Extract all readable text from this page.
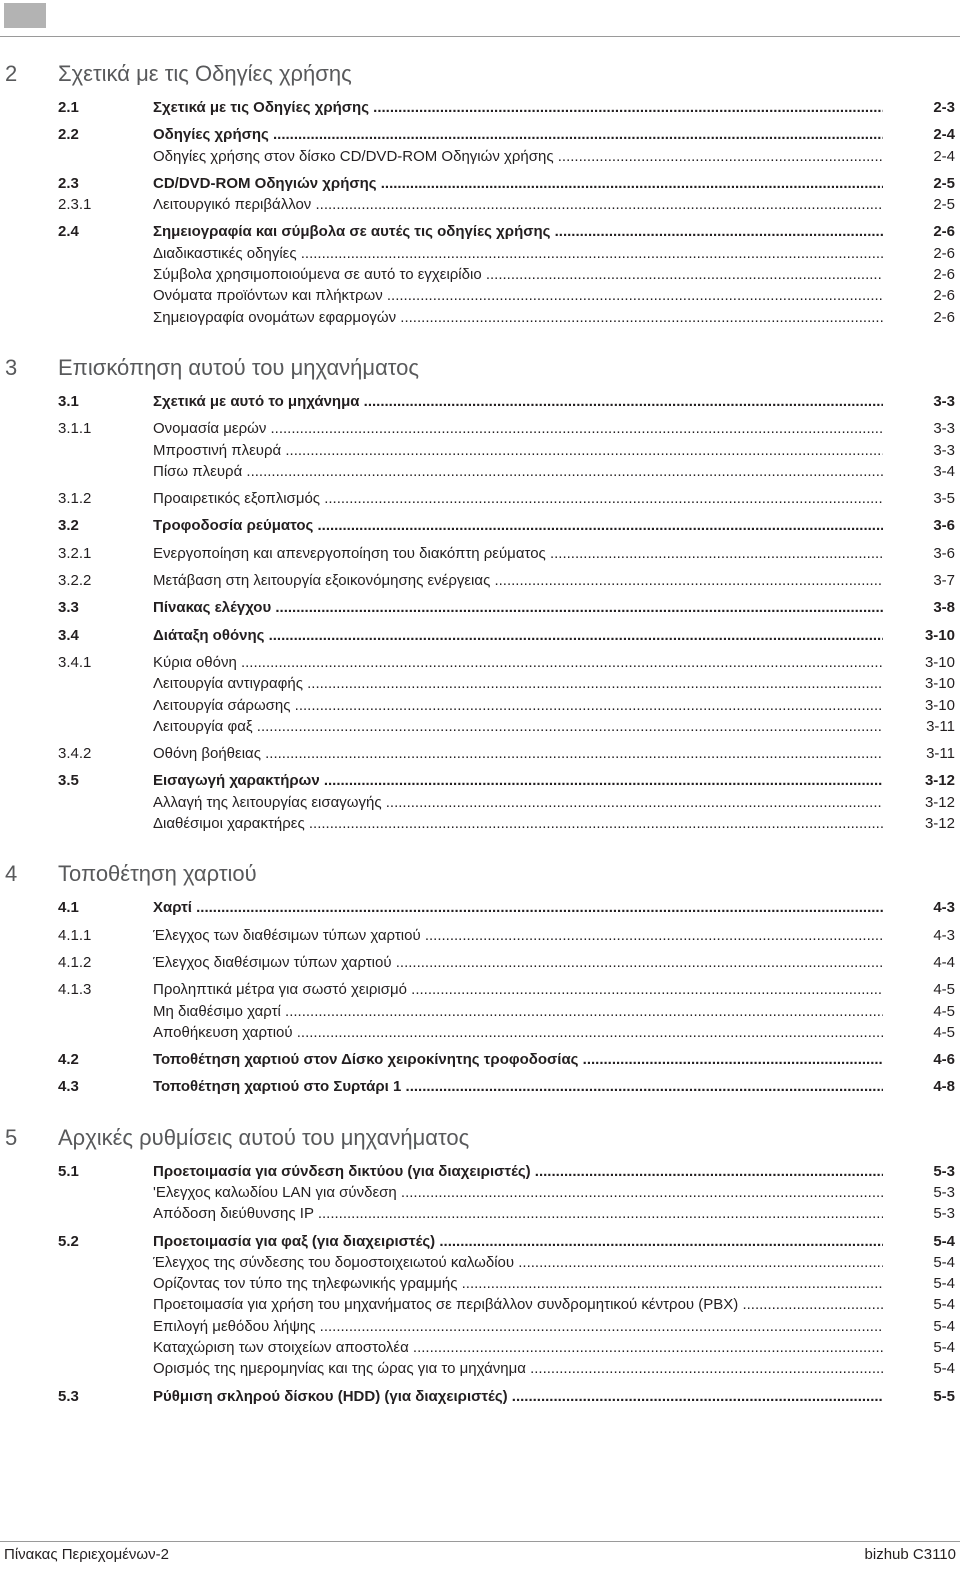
2 Σχετικά με τις Οδηγίες χρήσης
2.1	Σχετικά με τις Οδηγίες χρήσης .....	2-3
2.2	Οδηγίες χρήσης .....	2-4
Οδηγίες χρήσης στον δίσκο CD/DVD-ROM Οδηγιών χρήσης .....	2-4
2.3	CD/DVD-ROM Οδηγιών χρήσης .....	2-5
2.3.1	Λειτουργικό περιβάλλον .....	2-5
2.4	Σημειογραφία και σύμβολα σε αυτές τις οδηγίες χρήσης .....	2-6
Διαδικαστικές οδηγίες .....	2-6
Σύμβολα χρησιμοποιούμενα σε αυτό το εγχειρίδιο .....	2-6
Ονόματα προϊόντων και πλήκτρων .....	2-6
Σημειογραφία ονομάτων εφαρμογών .....	2-6
3 Επισκόπηση αυτού του μηχανήματος
3.1	Σχετικά με αυτό το μηχάνημα .....	3-3
3.1.1	Ονομασία μερών .....	3-3
Μπροστινή πλευρά .....	3-3
Πίσω πλευρά .....	3-4
3.1.2	Προαιρετικός εξοπλισμός .....	3-5
3.2	Τροφοδοσία ρεύματος .....	3-6
3.2.1	Ενεργοποίηση και απενεργοποίηση του διακόπτη ρεύματος .....	3-6
3.2.2	Μετάβαση στη λειτουργία εξοικονόμησης ενέργειας .....	3-7
3.3	Πίνακας ελέγχου .....	3-8
3.4	Διάταξη οθόνης .....	3-10
3.4.1	Κύρια οθόνη .....	3-10
Λειτουργία αντιγραφής .....	3-10
Λειτουργία σάρωσης .....	3-10
Λειτουργία φαξ .....	3-11
3.4.2	Οθόνη βοήθειας .....	3-11
3.5	Εισαγωγή χαρακτήρων .....	3-12
Αλλαγή της λειτουργίας εισαγωγής .....	3-12
Διαθέσιμοι χαρακτήρες .....	3-12
4 Τοποθέτηση χαρτιού
4.1	Χαρτί .....	4-3
4.1.1	Έλεγχος των διαθέσιμων τύπων χαρτιού .....	4-3
4.1.2	Έλεγχος διαθέσιμων τύπων χαρτιού .....	4-4
4.1.3	Προληπτικά μέτρα για σωστό χειρισμό .....	4-5
Μη διαθέσιμο χαρτί .....	4-5
Αποθήκευση χαρτιού .....	4-5
4.2	Τοποθέτηση χαρτιού στον Δίσκο χειροκίνητης τροφοδοσίας .....	4-6
4.3	Τοποθέτηση χαρτιού στο Συρτάρι 1 .....	4-8
5 Αρχικές ρυθμίσεις αυτού του μηχανήματος
5.1	Προετοιμασία για σύνδεση δικτύου (για διαχειριστές) .....	5-3
'Ελεγχος καλωδίου LAN για σύνδεση .....	5-3
Απόδοση διεύθυνσης IP .....	5-3
5.2	Προετοιμασία για φαξ (για διαχειριστές) .....	5-4
Έλεγχος της σύνδεσης του δομοστοιχειωτού καλωδίου .....	5-4
Ορίζοντας τον τύπο της τηλεφωνικής γραμμής .....	5-4
Προετοιμασία για χρήση του μηχανήματος σε περιβάλλον συνδρομητικού κέντρου (PBX) .....	5-4
Επιλογή μεθόδου λήψης .....	5-4
Καταχώριση των στοιχείων αποστολέα .....	5-4
Ορισμός της ημερομηνίας και της ώρας για το μηχάνημα .....	5-4
5.3	Ρύθμιση σκληρού δίσκου (HDD) (για διαχειριστές) .....	5-5
Πίνακας Περιεχομένων-2	bizhub C3110
